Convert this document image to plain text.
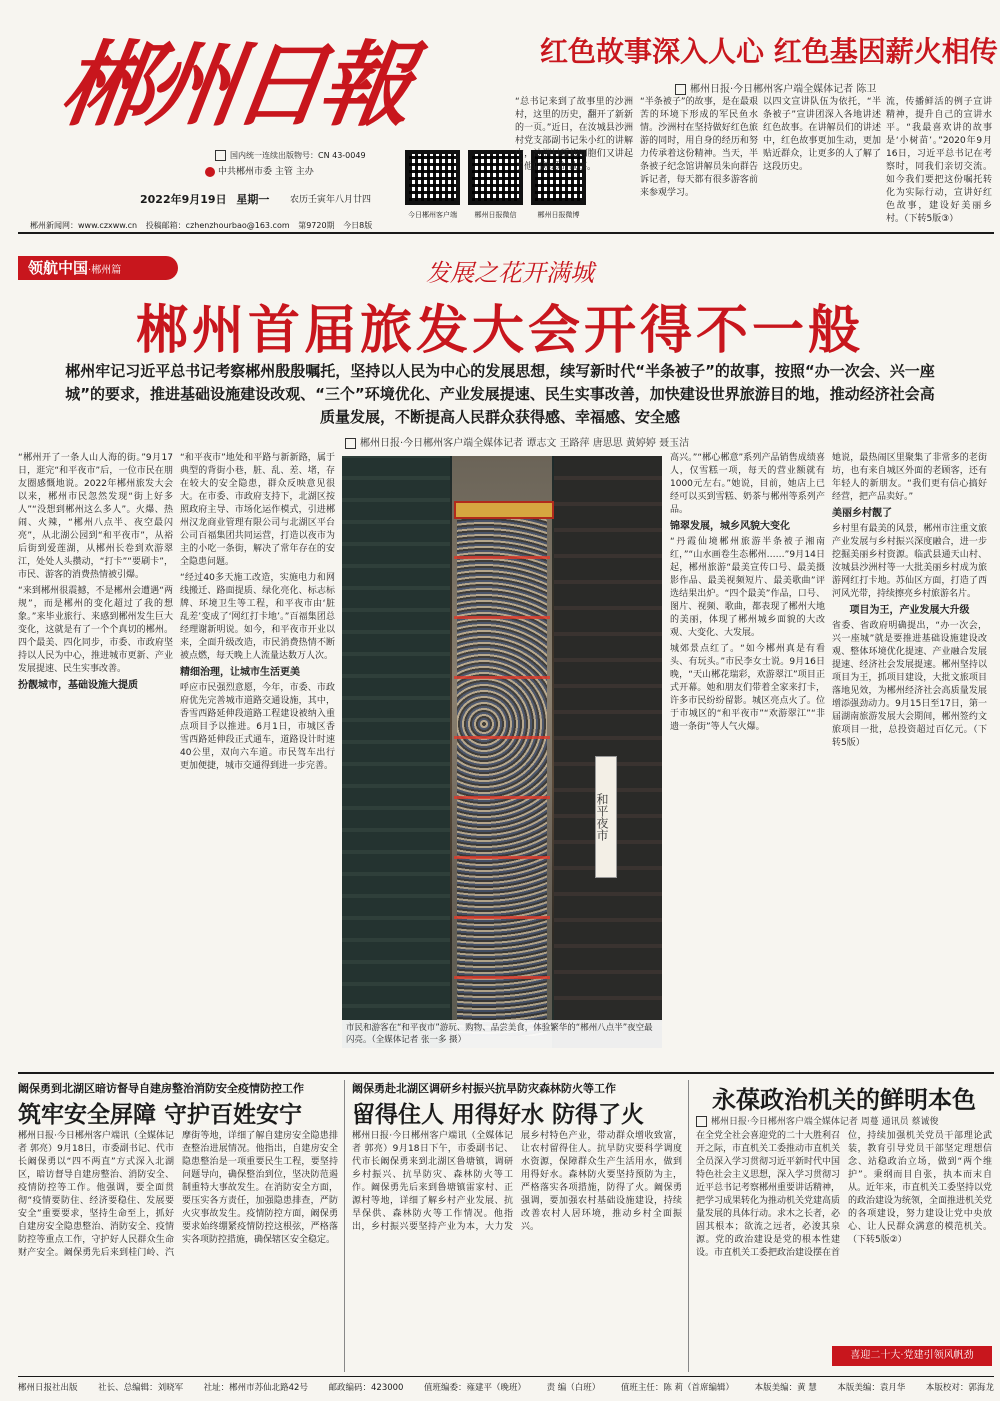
郴州日報
国内统一连续出版物号：CN 43-0049
中共郴州市委 主管 主办
2022年9月19日 星期一	农历壬寅年八月廿四
郴州新闻网：www.czxww.cn 投稿邮箱：czhenzhourbao@163.com 第9720期 今日8版
今日郴州客户端	郴州日报微信	郴州日报微博
红色故事深入人心 红色基因薪火相传
郴州日报·今日郴州客户端全媒体记者 陈卫
“总书记来到了故事里的沙洲村，这里的历史，翻开了新新的一页。”近日，在汝城县沙洲村党支部副书记朱小红的讲解中，沙洲村瑶族同胞们又讲起了他们熟悉的故事。
“半条被子”的故事，是在最艰苦的环境下形成的军民鱼水情。沙洲村在坚持做好红色旅游的同时，用自身的经历和努力传承着这份精神。当天，半条被子纪念馆讲解员朱向群告诉记者，每天都有很多游客前来参观学习。
以四文宣讲队伍为依托，“半条被子”宣讲团深入各地讲述红色故事。在讲解员们的讲述中，红色故事更加生动，更加贴近群众，让更多的人了解了这段历史。
流，传播鲜活的例子宣讲精神，提升自己的宣讲水平。“我最喜欢讲的故事是‘小树苗’。”2020年9月16日，习近平总书记在考察时，同我们亲切交流。如今我们要把这份嘱托转化为实际行动，宣讲好红色故事，建设好美丽乡村。（下转5版③）
领航中国·郴州篇	发展之花开满城
郴州首届旅发大会开得不一般
郴州牢记习近平总书记考察郴州殷殷嘱托，坚持以人民为中心的发展思想，续写新时代“半条被子”的故事，按照“办一次会、兴一座城”的要求，推进基础设施建设改观、“三个”环境优化、产业发展提速、民生实事改善，加快建设世界旅游目的地，推动经济社会高质量发展，不断提高人民群众获得感、幸福感、安全感
郴州日报·今日郴州客户端全媒体记者 谭志文 王路萍 唐思思 黄婷婷 聂玉洁
“郴州开了一条人山人海的街。”9月17日，逛完“和平夜市”后，一位市民在朋友圈感慨地说。2022年郴州旅发大会以来，郴州市民忽然发现“街上好多人”“没想到郴州这么多人”。火爆、热闹、火辣，“郴州八点半、夜空最闪亮”，从北湖公园到“和平夜市”，从裕后街到爱莲湖，从郴州长卷到欢游翠江，处处人头攒动，“打卡”“要刷卡”，市民、游客的消费热情被引爆。
“来到郴州很震撼，不是郴州会遭遇“两规”，而是郴州的变化超过了我的想象。”来毕业旅行、来感到郴州发生巨大变化，这就是有了一个个真切的郴州。四个最美、四化同步，市委、市政府坚持以人民为中心，推进城市更新、产业发展提速、民生实事改善。
扮靓城市，基础设施大提质
“和平夜市”地处和平路与新新路，属于典型的背街小巷，脏、乱、差、堵，存在较大的安全隐患，群众反映意见很大。在市委、市政府支持下，北湖区按照政府主导、市场化运作模式，引进郴州汉龙商业管理有限公司与北湖区平台公司百福集团共同运营，打造以夜市为主的小吃一条街，解决了常年存在的安全隐患问题。
“经过40多天施工改造，实施电力和网线搬迁、路面提质、绿化亮化、标志标牌、环境卫生等工程，和平夜市由‘脏乱差’变成了‘网红打卡地’。”百福集团总经理谢新明说。如今，和平夜市开业以来，全面升级改造，市民消费热情不断被点燃，每天晚上人流量达数万人次。
精细治理，让城市生活更美
呼应市民强烈意愿，今年，市委、市政府优先完善城市道路交通设施，其中，香雪西路延伸段道路工程建设被纳入重点项目予以推进。6月1日，市城区香雪西路延伸段正式通车，道路设计时速40公里，双向六车道。市民驾车出行更加便捷，城市交通得到进一步完善。
和平夜市
市民和游客在“和平夜市”游玩、购物、品尝美食，体验繁华的“郴州八点半”夜空最闪亮。（全媒体记者 张一多 摄）
高兴。”“郴心郴意”系列产品销售成绩喜人，仅雪糕一项，每天的营业额就有1000元左右。”她说，目前，她店上已经可以买到雪糕、奶茶与郴州等系列产品。
锦翠发展，城乡风貌大变化
“丹霞仙境郴州旅游半条被子湘南红，”“山水画卷生态郴州……”9月14日起，郴州旅游“最美宣传口号、最美摄影作品、最美视频短片、最美歌曲”评选结果出炉。“四个最美”作品，口号、图片、视频、歌曲，都表现了郴州大地的美丽，体现了郴州城乡面貌的大改观、大变化、大发展。
城郊景点红了。“如今郴州真是有看头、有玩头。”市民李女士说。9月16日晚，“天山郴花瑞彩，欢游翠江”项目正式开幕。她和朋友们带着全家来打卡，许多市民纷纷留影。城区亮点火了。位于市城区的“和平夜市”“欢游翠江”“非遗一条街”等人气火爆。
她说，最热闹区里聚集了非常多的老街坊，也有来自城区外面的老顾客，还有年轻人的新朋友。“我们更有信心搞好经营，把产品卖好。”
美丽乡村靓了
乡村里有最美的风景，郴州市注重文旅产业发展与乡村振兴深度融合，进一步挖掘美丽乡村资源。临武县通天山村、汝城县沙洲村等一大批美丽乡村成为旅游网红打卡地。苏仙区方面，打造了西河风光带，持续擦亮乡村旅游名片。
项目为王，产业发展大升级
省委、省政府明确提出，“办一次会，兴一座城”就是要推进基础设施建设改观、整体环境优化提速、产业融合发展提速、经济社会发展提速。郴州坚持以项目为王，抓项目建设，大批文旅项目落地见效，为郴州经济社会高质量发展增添强劲动力。9月15日至17日，第一届湖南旅游发展大会期间，郴州签约文旅项目一批，总投资超过百亿元。（下转5版）
阚保勇到北湖区暗访督导自建房整治消防安全疫情防控工作
筑牢安全屏障 守护百姓安宁
郴州日报·今日郴州客户端讯（全媒体记者 郭亮）9月18日，市委副书记、代市长阚保勇以“四不两直”方式深入北湖区，暗访督导自建房整治、消防安全、疫情防控等工作。他强调，要全面贯彻“疫情要防住、经济要稳住、发展要安全”重要要求，坚持生命至上，抓好自建房安全隐患整治、消防安全、疫情防控等重点工作，守护好人民群众生命财产安全。阚保勇先后来到桂门岭、汽摩街等地，详细了解自建房安全隐患排查整治进展情况。他指出，自建房安全隐患整治是一项重要民生工程，要坚持问题导向，确保整治到位，坚决防范遏制重特大事故发生。在消防安全方面，要压实各方责任，加强隐患排查，严防火灾事故发生。疫情防控方面，阚保勇要求始终绷紧疫情防控这根弦，严格落实各项防控措施，确保辖区安全稳定。
阚保勇赴北湖区调研乡村振兴抗旱防灾森林防火等工作
留得住人 用得好水 防得了火
郴州日报·今日郴州客户端讯（全媒体记者 郭亮）9月18日下午，市委副书记、代市长阚保勇来到北湖区鲁塘镇，调研乡村振兴、抗旱防灾、森林防火等工作。阚保勇先后来到鲁塘镇雷家村、正源村等地，详细了解乡村产业发展、抗旱保供、森林防火等工作情况。他指出，乡村振兴要坚持产业为本，大力发展乡村特色产业，带动群众增收致富，让农村留得住人。抗旱防灾要科学调度水资源，保障群众生产生活用水，做到用得好水。森林防火要坚持预防为主，严格落实各项措施，防得了火。阚保勇强调，要加强农村基础设施建设，持续改善农村人居环境，推动乡村全面振兴。
永葆政治机关的鲜明本色
郴州日报·今日郴州客户端全媒体记者 周蔓 通讯员 蔡诚俊
在全党全社会喜迎党的二十大胜利召开之际，市直机关工委推动市直机关全员深入学习贯彻习近平新时代中国特色社会主义思想，深入学习贯彻习近平总书记考察郴州重要讲话精神，把学习成果转化为推动机关党建高质量发展的具体行动。求木之长者，必固其根本；欲流之远者，必浚其泉源。党的政治建设是党的根本性建设。市直机关工委把政治建设摆在首位，持续加强机关党员干部理论武装，教育引导党员干部坚定理想信念、站稳政治立场，做到“两个维护”。秉纲而目自张，执本而末自从。近年来，市直机关工委坚持以党的政治建设为统领，全面推进机关党的各项建设，努力建设让党中央放心、让人民群众满意的模范机关。（下转5版②）
喜迎二十大·党建引领风帆劲
郴州日报社出版 社长、总编辑：刘晓军 社址：郴州市苏仙北路42号 邮政编码：423000 值班编委：雍建平（晚班） 责 编（白班） 值班主任：陈 莉（首席编辑） 本版美编：黄 慧 本版美编：袁月华 本版校对：郭海龙
